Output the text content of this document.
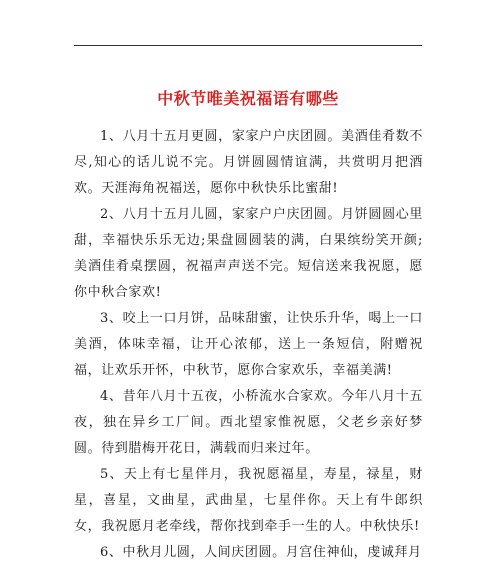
中秋节唯美祝福语有哪些

1、八月十五月更圆，家家户户庆团圆。美酒佳肴数不尽,知心的话儿说不完。月饼圆圆情谊满，共赏明月把酒欢。天涯海角祝福送，愿你中秋快乐比蜜甜!

2、八月十五月儿圆，家家户户庆团圆。月饼圆圆心里甜，幸福快乐乐无边;果盘圆圆装的满，白果缤纷笑开颜;美酒佳肴桌摆圆，祝福声声送不完。短信送来我祝愿，愿你中秋合家欢!

3、咬上一口月饼，品味甜蜜，让快乐升华，喝上一口美酒，体味幸福，让开心浓郁，送上一条短信，附赠祝福，让欢乐开怀，中秋节，愿你合家欢乐，幸福美满!

4、昔年八月十五夜，小桥流水合家欢。今年八月十五夜，独在异乡工厂间。西北望家惟祝愿，父老乡亲好梦圆。待到腊梅开花日，满载而归来过年。

5、天上有七星伴月，我祝愿福星，寿星，禄星，财星，喜星，文曲星，武曲星，七星伴你。天上有牛郎织女，我祝愿月老牵线，帮你找到牵手一生的人。中秋快乐!

6、中秋月儿圆，人间庆团圆。月宫住神仙，虔诚拜月
